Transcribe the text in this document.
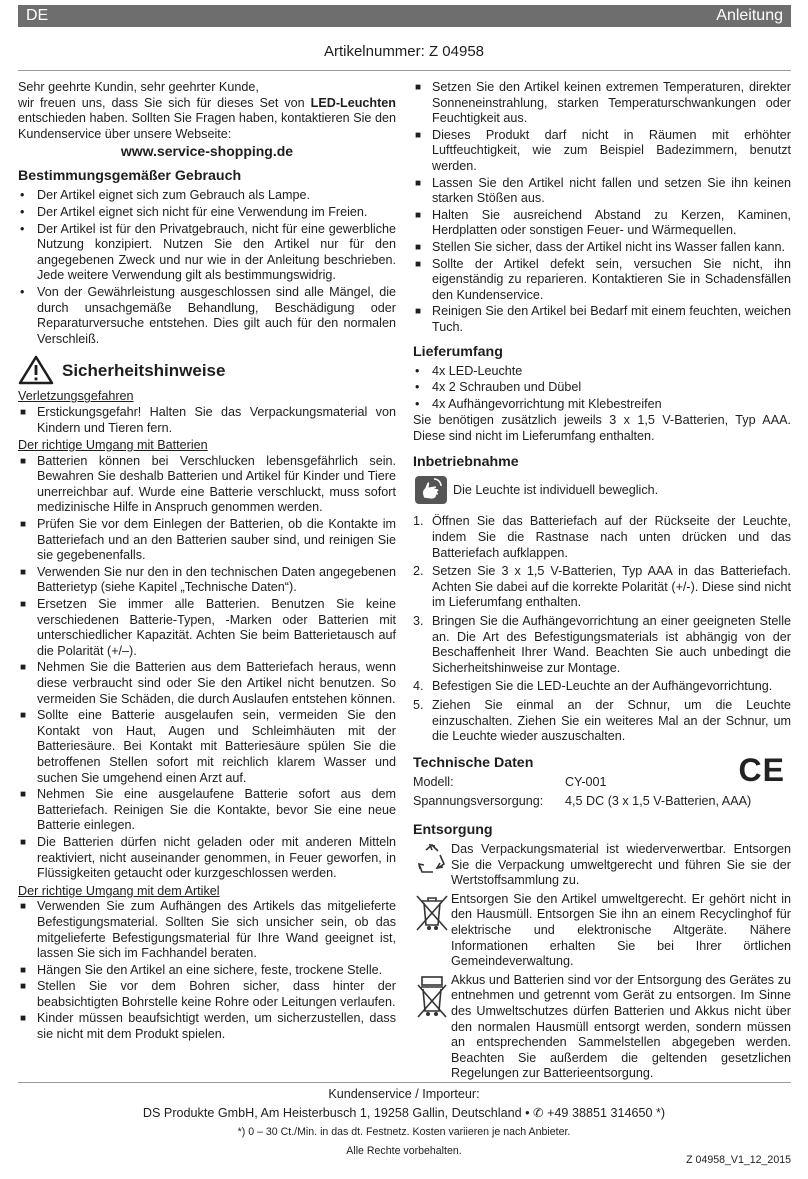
DE	Anleitung
Artikelnummer: Z 04958

Sehr geehrte Kundin, sehr geehrter Kunde,

wir freuen uns, dass Sie sich für dieses Set von LED-Leuchten entschieden haben. Sollten Sie Fragen haben, kontaktieren Sie den Kundenservice über unsere Webseite:

www.service-shopping.de

Bestimmungsgemäßer Gebrauch
• Der Artikel eignet sich zum Gebrauch als Lampe.
• Der Artikel eignet sich nicht für eine Verwendung im Freien.
• Der Artikel ist für den Privatgebrauch, nicht für eine gewerbliche Nutzung konzipiert. Nutzen Sie den Artikel nur für den angegebenen Zweck und nur wie in der Anleitung beschrieben. Jede weitere Verwendung gilt als bestimmungswidrig.
• Von der Gewährleistung ausgeschlossen sind alle Mängel, die durch unsachgemäße Behandlung, Beschädigung oder Reparaturversuche entstehen. Dies gilt auch für den normalen Verschleiß.
Sicherheitshinweise

Verletzungsgefahren

■ Erstickungsgefahr! Halten Sie das Verpackungsmaterial von Kindern und Tieren fern.

Der richtige Umgang mit Batterien

■ Batterien können bei Verschlucken lebensgefährlich sein. Bewahren Sie deshalb Batterien und Artikel für Kinder und Tiere unerreichbar auf. Wurde eine Batterie verschluckt, muss sofort medizinische Hilfe in Anspruch genommen werden.
■ Prüfen Sie vor dem Einlegen der Batterien, ob die Kontakte im Batteriefach und an den Batterien sauber sind, und reinigen Sie sie gegebenenfalls.
■ Verwenden Sie nur den in den technischen Daten angegebenen Batterietyp (siehe Kapitel „Technische Daten“).
■ Ersetzen Sie immer alle Batterien. Benutzen Sie keine verschiedenen Batterie-Typen, -Marken oder Batterien mit unterschiedlicher Kapazität. Achten Sie beim Batterietausch auf die Polarität (+/–).
■ Nehmen Sie die Batterien aus dem Batteriefach heraus, wenn diese verbraucht sind oder Sie den Artikel nicht benutzen. So vermeiden Sie Schäden, die durch Auslaufen entstehen können.
■ Sollte eine Batterie ausgelaufen sein, vermeiden Sie den Kontakt von Haut, Augen und Schleimhäuten mit der Batteriesäure. Bei Kontakt mit Batteriesäure spülen Sie die betroffenen Stellen sofort mit reichlich klarem Wasser und suchen Sie umgehend einen Arzt auf.
■ Nehmen Sie eine ausgelaufene Batterie sofort aus dem Batteriefach. Reinigen Sie die Kontakte, bevor Sie eine neue Batterie einlegen.
■ Die Batterien dürfen nicht geladen oder mit anderen Mitteln reaktiviert, nicht auseinander genommen, in Feuer geworfen, in Flüssigkeiten getaucht oder kurzgeschlossen werden.

Der richtige Umgang mit dem Artikel

■ Verwenden Sie zum Aufhängen des Artikels das mitgelieferte Befestigungsmaterial. Sollten Sie sich unsicher sein, ob das mitgelieferte Befestigungsmaterial für Ihre Wand geeignet ist, lassen Sie sich im Fachhandel beraten.
■ Hängen Sie den Artikel an eine sichere, feste, trockene Stelle.
■ Stellen Sie vor dem Bohren sicher, dass hinter der beabsichtigten Bohrstelle keine Rohre oder Leitungen verlaufen.
■ Kinder müssen beaufsichtigt werden, um sicherzustellen, dass sie nicht mit dem Produkt spielen.
■ Setzen Sie den Artikel keinen extremen Temperaturen, direkter Sonneneinstrahlung, starken Temperaturschwankungen oder Feuchtigkeit aus.
■ Dieses Produkt darf nicht in Räumen mit erhöhter Luftfeuchtigkeit, wie zum Beispiel Badezimmern, benutzt werden.
■ Lassen Sie den Artikel nicht fallen und setzen Sie ihn keinen starken Stößen aus.
■ Halten Sie ausreichend Abstand zu Kerzen, Kaminen, Herdplatten oder sonstigen Feuer- und Wärmequellen.
■ Stellen Sie sicher, dass der Artikel nicht ins Wasser fallen kann.
■ Sollte der Artikel defekt sein, versuchen Sie nicht, ihn eigenständig zu reparieren. Kontaktieren Sie in Schadensfällen den Kundenservice.
■ Reinigen Sie den Artikel bei Bedarf mit einem feuchten, weichen Tuch.
Lieferumfang
• 4x LED-Leuchte
• 4x 2 Schrauben und Dübel
• 4x Aufhängevorrichtung mit Klebestreifen

Sie benötigen zusätzlich jeweils 3 x 1,5 V-Batterien, Typ AAA. Diese sind nicht im Lieferumfang enthalten.

Inbetriebnahme

Die Leuchte ist individuell beweglich.

1. Öffnen Sie das Batteriefach auf der Rückseite der Leuchte, indem Sie die Rastnase nach unten drücken und das Batteriefach aufklappen.
2. Setzen Sie 3 x 1,5 V-Batterien, Typ AAA in das Batteriefach. Achten Sie dabei auf die korrekte Polarität (+/-). Diese sind nicht im Lieferumfang enthalten.
3. Bringen Sie die Aufhängevorrichtung an einer geeigneten Stelle an. Die Art des Befestigungsmaterials ist abhängig von der Beschaffenheit Ihrer Wand. Beachten Sie auch unbedingt die Sicherheitshinweise zur Montage.
4. Befestigen Sie die LED-Leuchte an der Aufhängevorrichtung.
5. Ziehen Sie einmal an der Schnur, um die Leuchte einzuschalten. Ziehen Sie ein weiteres Mal an der Schnur, um die Leuchte wieder auszuschalten.
Technische Daten
Modell:	CY-001
Spannungsversorgung:	4,5 DC (3 x 1,5 V-Batterien, AAA)
CE
Entsorgung

Das Verpackungsmaterial ist wiederverwertbar. Entsorgen Sie die Verpackung umweltgerecht und führen Sie sie der Wertstoffsammlung zu.

Entsorgen Sie den Artikel umweltgerecht. Er gehört nicht in den Hausmüll. Entsorgen Sie ihn an einem Recyclinghof für elektrische und elektronische Altgeräte. Nähere Informationen erhalten Sie bei Ihrer örtlichen Gemeindeverwaltung.

Akkus und Batterien sind vor der Entsorgung des Gerätes zu entnehmen und getrennt vom Gerät zu entsorgen. Im Sinne des Umweltschutzes dürfen Batterien und Akkus nicht über den normalen Hausmüll entsorgt werden, sondern müssen an entsprechenden Sammelstellen abgegeben werden. Beachten Sie außerdem die geltenden gesetzlichen Regelungen zur Batterieentsorgung.

Kundenservice / Importeur:
DS Produkte GmbH, Am Heisterbusch 1, 19258 Gallin, Deutschland • ✆ +49 38851 314650 *)
*) 0 – 30 Ct./Min. in das dt. Festnetz. Kosten variieren je nach Anbieter.
Alle Rechte vorbehalten.
Z 04958_V1_12_2015
